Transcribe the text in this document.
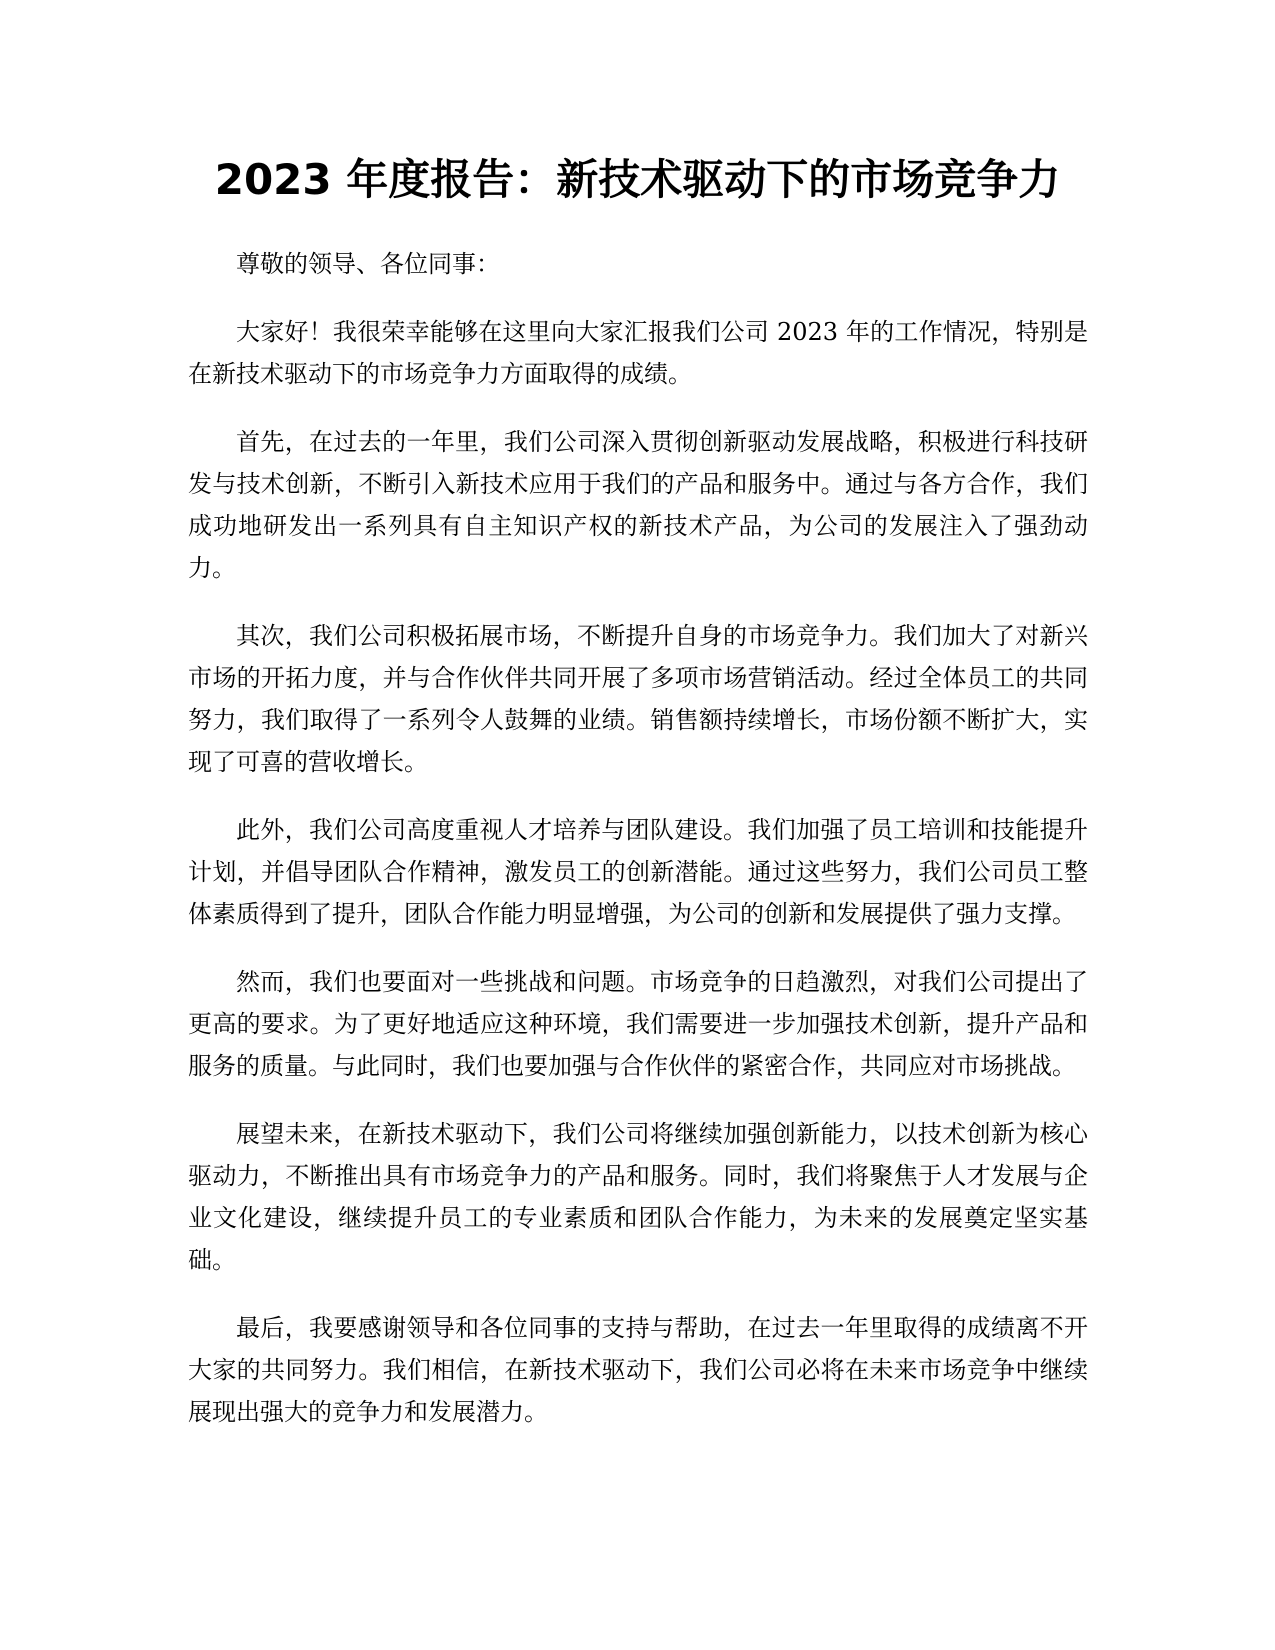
2023 年度报告：新技术驱动下的市场竞争力

尊敬的领导、各位同事：

大家好！我很荣幸能够在这里向大家汇报我们公司 2023 年的工作情况，特别是在新技术驱动下的市场竞争力方面取得的成绩。

首先，在过去的一年里，我们公司深入贯彻创新驱动发展战略，积极进行科技研发与技术创新，不断引入新技术应用于我们的产品和服务中。通过与各方合作，我们成功地研发出一系列具有自主知识产权的新技术产品，为公司的发展注入了强劲动力。

其次，我们公司积极拓展市场，不断提升自身的市场竞争力。我们加大了对新兴市场的开拓力度，并与合作伙伴共同开展了多项市场营销活动。经过全体员工的共同努力，我们取得了一系列令人鼓舞的业绩。销售额持续增长，市场份额不断扩大，实现了可喜的营收增长。

此外，我们公司高度重视人才培养与团队建设。我们加强了员工培训和技能提升计划，并倡导团队合作精神，激发员工的创新潜能。通过这些努力，我们公司员工整体素质得到了提升，团队合作能力明显增强，为公司的创新和发展提供了强力支撑。

然而，我们也要面对一些挑战和问题。市场竞争的日趋激烈，对我们公司提出了更高的要求。为了更好地适应这种环境，我们需要进一步加强技术创新，提升产品和服务的质量。与此同时，我们也要加强与合作伙伴的紧密合作，共同应对市场挑战。

展望未来，在新技术驱动下，我们公司将继续加强创新能力，以技术创新为核心驱动力，不断推出具有市场竞争力的产品和服务。同时，我们将聚焦于人才发展与企业文化建设，继续提升员工的专业素质和团队合作能力，为未来的发展奠定坚实基础。

最后，我要感谢领导和各位同事的支持与帮助，在过去一年里取得的成绩离不开大家的共同努力。我们相信，在新技术驱动下，我们公司必将在未来市场竞争中继续展现出强大的竞争力和发展潜力。
